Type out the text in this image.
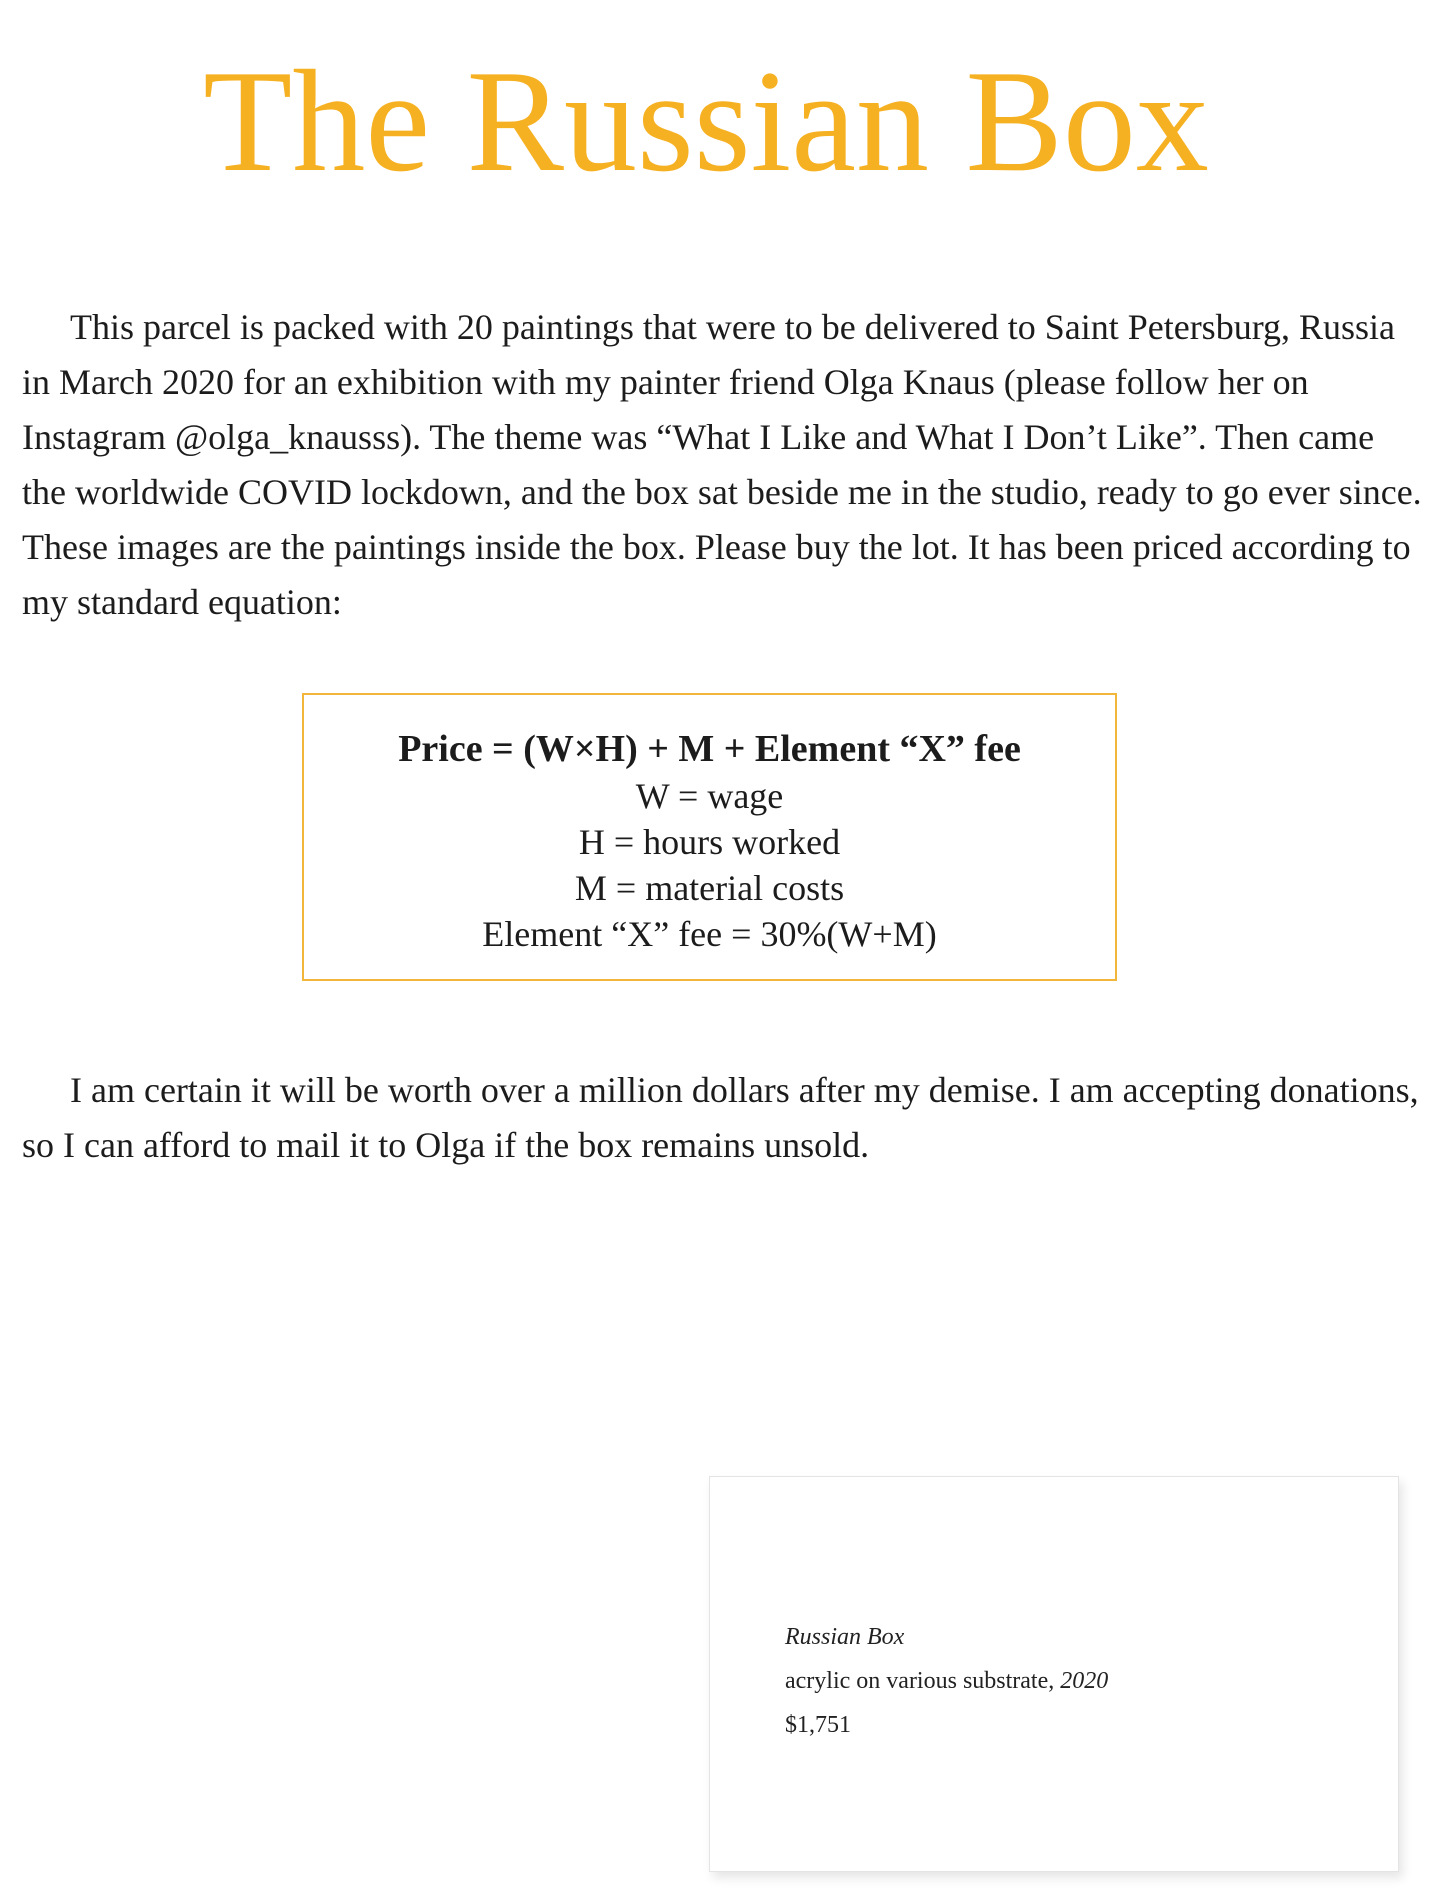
The Russian Box

This parcel is packed with 20 paintings that were to be delivered to Saint Petersburg, Russia in March 2020 for an exhibition with my painter friend Olga Knaus (please follow her on Instagram @olga_knausss). The theme was “What I Like and What I Don’t Like”. Then came the worldwide COVID lockdown, and the box sat beside me in the studio, ready to go ever since. These images are the paintings inside the box. Please buy the lot. It has been priced according to my standard equation:

Price = (W×H) + M + Element “X” fee
W = wage
H = hours worked
M = material costs
Element “X” fee = 30%(W+M)

I am certain it will be worth over a million dollars after my demise. I am accepting donations, so I can afford to mail it to Olga if the box remains unsold.

Russian Box
acrylic on various substrate, 2020
$1,751
